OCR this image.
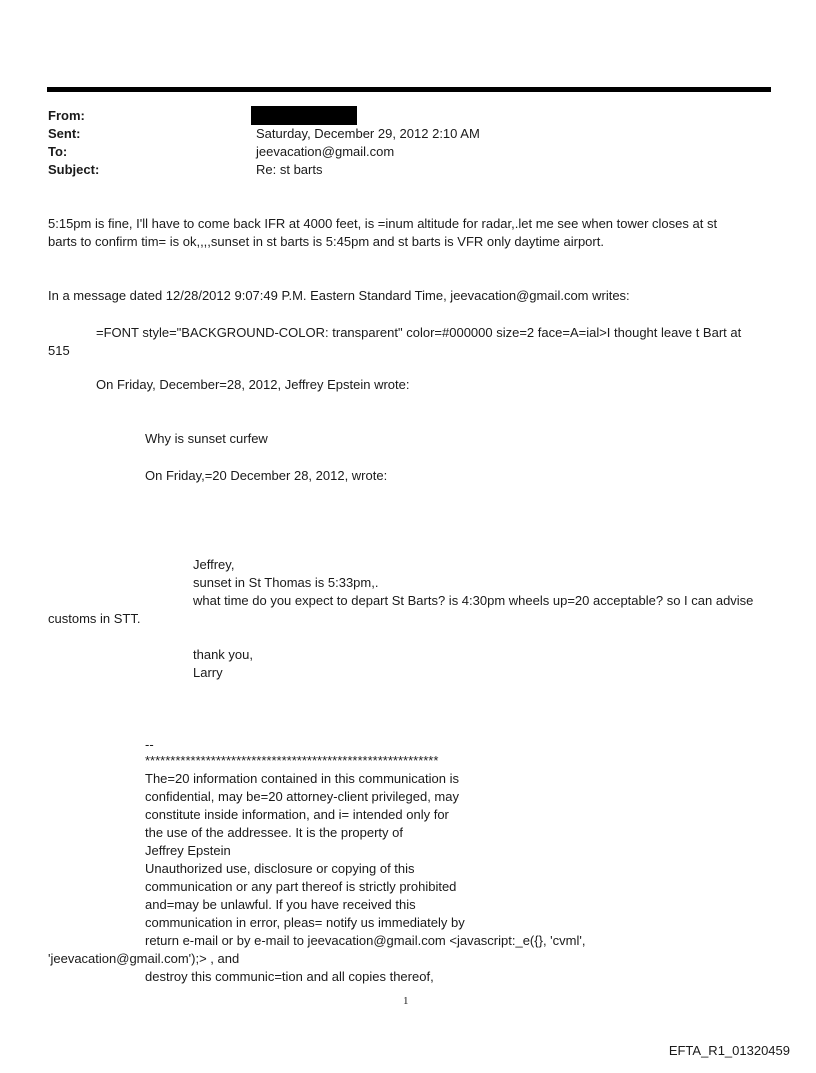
From:
Sent:	Saturday, December 29, 2012 2:10 AM
To:	jeevacation@gmail.com
Subject:	Re: st barts
5:15pm is fine, I'll have to come back IFR at 4000 feet, is =inum altitude for radar,.let me see when tower closes at st
barts to confirm tim= is ok,,,,sunset in st barts is 5:45pm and st barts is VFR only daytime airport.
In a message dated 12/28/2012 9:07:49 P.M. Eastern Standard Time, jeevacation@gmail.com writes:
=FONT style="BACKGROUND-COLOR: transparent" color=#000000 size=2 face=A=ial>I thought leave t Bart at
515
On Friday, December=28, 2012, Jeffrey Epstein wrote:
Why is sunset curfew
On Friday,=20 December 28, 2012, wrote:
Jeffrey,
sunset in St Thomas is 5:33pm,.
what time do you expect to depart St Barts? is 4:30pm wheels up=20 acceptable? so I can advise
customs in STT.
thank you,
Larry
--
**********************************************************
The=20 information contained in this communication is
confidential, may be=20 attorney-client privileged, may
constitute inside information, and i= intended only for
the use of the addressee. It is the property of
Jeffrey Epstein
Unauthorized use, disclosure or copying of this
communication or any part thereof is strictly prohibited
and=may be unlawful. If you have received this
communication in error, pleas= notify us immediately by
return e-mail or by e-mail to jeevacation@gmail.com <javascript:_e({}, 'cvml',
'jeevacation@gmail.com');> , and
destroy this communic=tion and all copies thereof,
1
EFTA_R1_01320459
